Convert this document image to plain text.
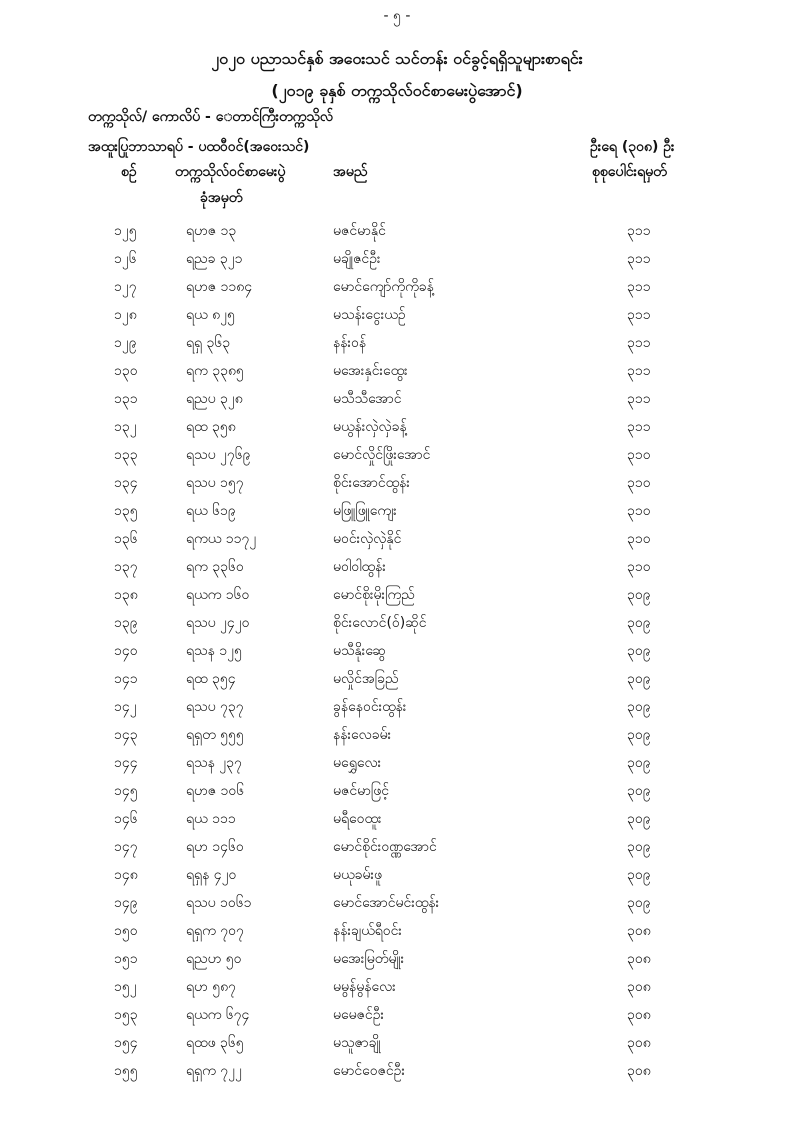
- ၅ -
၂၀၂၀ ပညာသင်နှစ် အဝေးသင် သင်တန်း ဝင်ခွင့်ရရှိသူများစာရင်း
(၂၀၁၉ ခုနှစ် တက္ကသိုလ်ဝင်စာမေးပွဲအောင်)
တက္ကသိုလ်/ ကောလိပ် - ‌ေတာင်ကြီးတက္ကသိုလ်
အထူးပြုဘာသာရပ် - ပထဝီဝင်(အဝေးသင်)	ဦးရေ (၃၀၈) ဦး
စဉ်	တက္ကသိုလ်ဝင်စာမေးပွဲ
ခုံအမှတ်
အမည်	စုစုပေါင်းရမှတ်
၁၂၅	ရဟဇ ၁၃	မဇင်မာနိုင်	၃၁၁
၁၂၆	ရညခ ၃၂၁	မချိုဇင်ဦး	၃၁၁
၁၂၇	ရဟဇ ၁၁၈၄	မောင်ကျော်ကိုကိုခန့်	၃၁၁
၁၂၈	ရယ ၈၂၅	မသန်းငွေးယဉ်	၃၁၁
၁၂၉	ရရှ ၃၆၃	နန်းဝန်	၃၁၁
၁၃၀	ရက ၃၃၈၅	မအေးနှင်းထွေး	၃၁၁
၁၃၁	ရညပ ၃၂၈	မသီသီအောင်	၃၁၁
၁၃၂	ရထ ၃၅၈	မယွန်းလှဲလှဲခန့်	၃၁၁
၁၃၃	ရသပ ၂၇၆၉	မောင်လှိုင်ဖြိုးအောင်	၃၁၀
၁၃၄	ရသပ ၁၅၇	စိုင်းအောင်ထွန်း	၃၁၀
၁၃၅	ရယ ၆၁၉	မဖြူဖြူကျေး	၃၁၀
၁၃၆	ရကယ ၁၁၇၂	မဝင်းလှဲလှဲနိုင်	၃၁၀
၁၃၇	ရက ၃၃၆၀	မဝါဝါထွန်း	၃၁၀
၁၃၈	ရယက ၁၆၀	မောင်စိုးမိုးကြည်	၃၀၉
၁၃၉	ရသပ ၂၄၂၀	စိုင်းလောင်(ဝ်)ဆိုင်	၃၀၉
၁၄၀	ရသန ၁၂၅	မသီနိုးဆွေ	၃၀၉
၁၄၁	ရထ ၃၅၄	မလှိုင်အခြည်	၃၀၉
၁၄၂	ရသပ ၇၃၇	ခွန်နေဝင်းထွန်း	၃၀၉
၁၄၃	ရရှတ ၅၅၅	နန်းလေခမ်း	၃၀၉
၁၄၄	ရသန ၂၃၇	မရွှေလေး	၃၀၉
၁၄၅	ရဟဇ ၁၀၆	မဇင်မာဖြင့်	၃၀၉
၁၄၆	ရယ ၁၁၁	မရီဝေထူး	၃၀၉
၁၄၇	ရဟ ၁၄၆၀	မောင်စိုင်းဝဏ္ဏအောင်	၃၀၉
၁၄၈	ရရှန ၄၂၀	မယုခမ်းဖူ	၃၀၉
၁၄၉	ရသပ ၁၀၆၁	မောင်အောင်မင်းထွန်း	၃၀၉
၁၅၀	ရရှက ၇၀၇	နန်းချယ်ရီဝင်း	၃၀၈
၁၅၁	ရညဟ ၅၀	မအေးမြတ်မျိုး	၃၀၈
၁၅၂	ရဟ ၅၈၇	မမွန်မွန်လေး	၃၀၈
၁၅၃	ရယက ၆၇၄	မမေဇင်ဦး	၃၀၈
၁၅၄	ရထဖ ၃၆၅	မသူဇာချို	၃၀၈
၁၅၅	ရရှက ၇၂၂	မောင်ဝေဇင်ဦး	၃၀၈
